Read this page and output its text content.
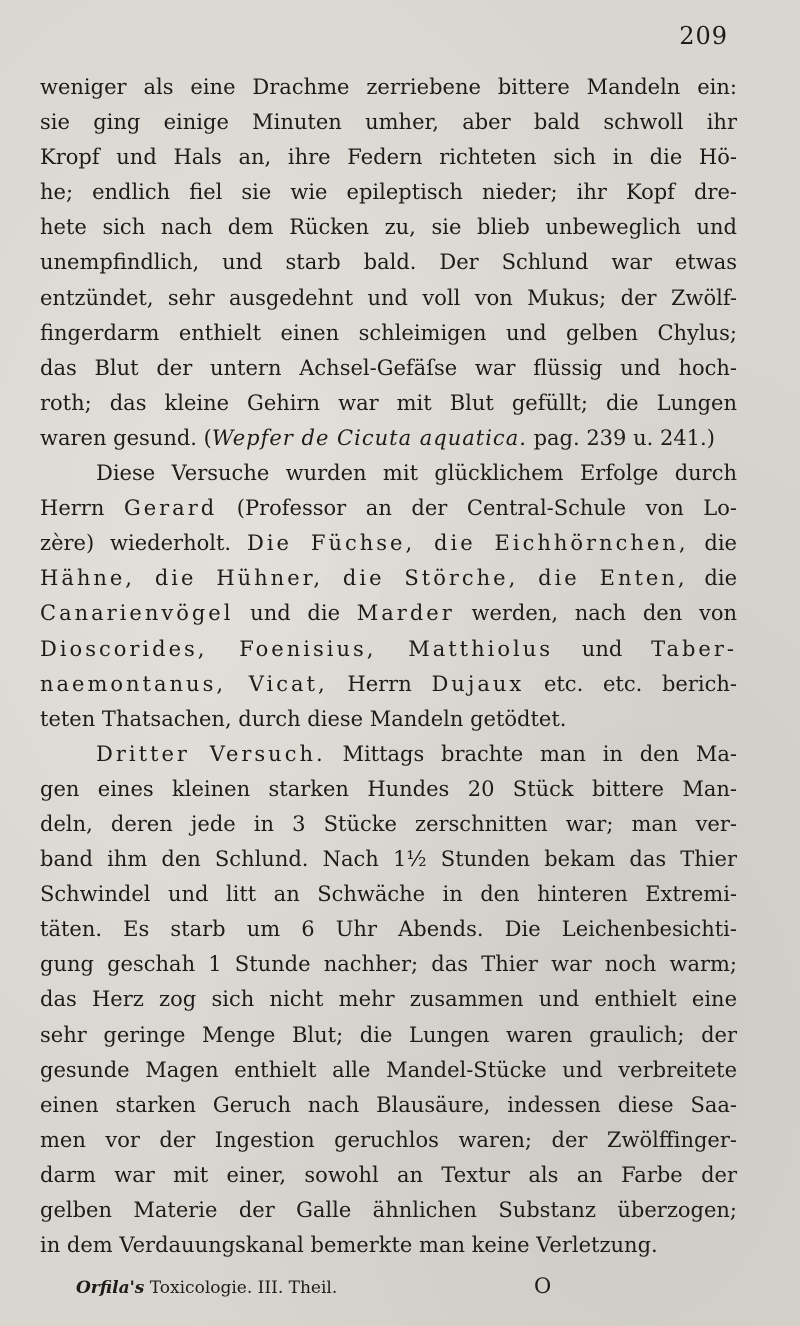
209
weniger als eine Drachme zerriebene bittere Mandeln ein:
sie ging einige Minuten umher, aber bald schwoll ihr
Kropf und Hals an, ihre Federn richteten sich in die Hö-
he; endlich fiel sie wie epileptisch nieder; ihr Kopf dre-
hete sich nach dem Rücken zu, sie blieb unbeweglich und
unempfindlich, und starb bald. Der Schlund war etwas
entzündet, sehr ausgedehnt und voll von Mukus; der Zwölf-
fingerdarm enthielt einen schleimigen und gelben Chylus;
das Blut der untern Achsel-Gefäſse war flüssig und hoch-
roth; das kleine Gehirn war mit Blut gefüllt; die Lungen
waren gesund. (Wepfer de Cicuta aquatica. pag. 239 u. 241.)
Diese Versuche wurden mit glücklichem Erfolge durch
Herrn Gerard (Professor an der Central-Schule von Lo-
zère) wiederholt. Die Füchse, die Eichhörnchen, die
Hähne, die Hühner, die Störche, die Enten, die
Canarienvögel und die Marder werden, nach den von
Dioscorides, Foenisius, Matthiolus und Taber-
naemontanus, Vicat, Herrn Dujaux etc. etc. berich-
teten Thatsachen, durch diese Mandeln getödtet.
Dritter Versuch. Mittags brachte man in den Ma-
gen eines kleinen starken Hundes 20 Stück bittere Man-
deln, deren jede in 3 Stücke zerschnitten war; man ver-
band ihm den Schlund. Nach 1½ Stunden bekam das Thier
Schwindel und litt an Schwäche in den hinteren Extremi-
täten. Es starb um 6 Uhr Abends. Die Leichenbesichti-
gung geschah 1 Stunde nachher; das Thier war noch warm;
das Herz zog sich nicht mehr zusammen und enthielt eine
sehr geringe Menge Blut; die Lungen waren graulich; der
gesunde Magen enthielt alle Mandel-Stücke und verbreitete
einen starken Geruch nach Blausäure, indessen diese Saa-
men vor der Ingestion geruchlos waren; der Zwölffinger-
darm war mit einer, sowohl an Textur als an Farbe der
gelben Materie der Galle ähnlichen Substanz überzogen;
in dem Verdauungskanal bemerkte man keine Verletzung.
Orfila's Toxicologie. III. Theil.	O
